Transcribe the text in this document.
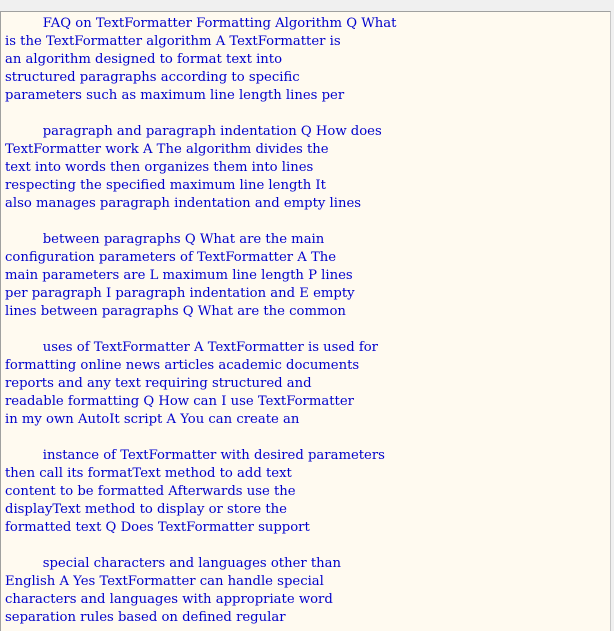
FAQ on TextFormatter Formatting Algorithm Q What
is the TextFormatter algorithm A TextFormatter is
an algorithm designed to format text into
structured paragraphs according to specific
parameters such as maximum line length lines per
paragraph and paragraph indentation Q How does
TextFormatter work A The algorithm divides the
text into words then organizes them into lines
respecting the specified maximum line length It
also manages paragraph indentation and empty lines
between paragraphs Q What are the main
configuration parameters of TextFormatter A The
main parameters are L maximum line length P lines
per paragraph I paragraph indentation and E empty
lines between paragraphs Q What are the common
uses of TextFormatter A TextFormatter is used for
formatting online news articles academic documents
reports and any text requiring structured and
readable formatting Q How can I use TextFormatter
in my own AutoIt script A You can create an
instance of TextFormatter with desired parameters
then call its formatText method to add text
content to be formatted Afterwards use the
displayText method to display or store the
formatted text Q Does TextFormatter support
special characters and languages other than
English A Yes TextFormatter can handle special
characters and languages with appropriate word
separation rules based on defined regular
